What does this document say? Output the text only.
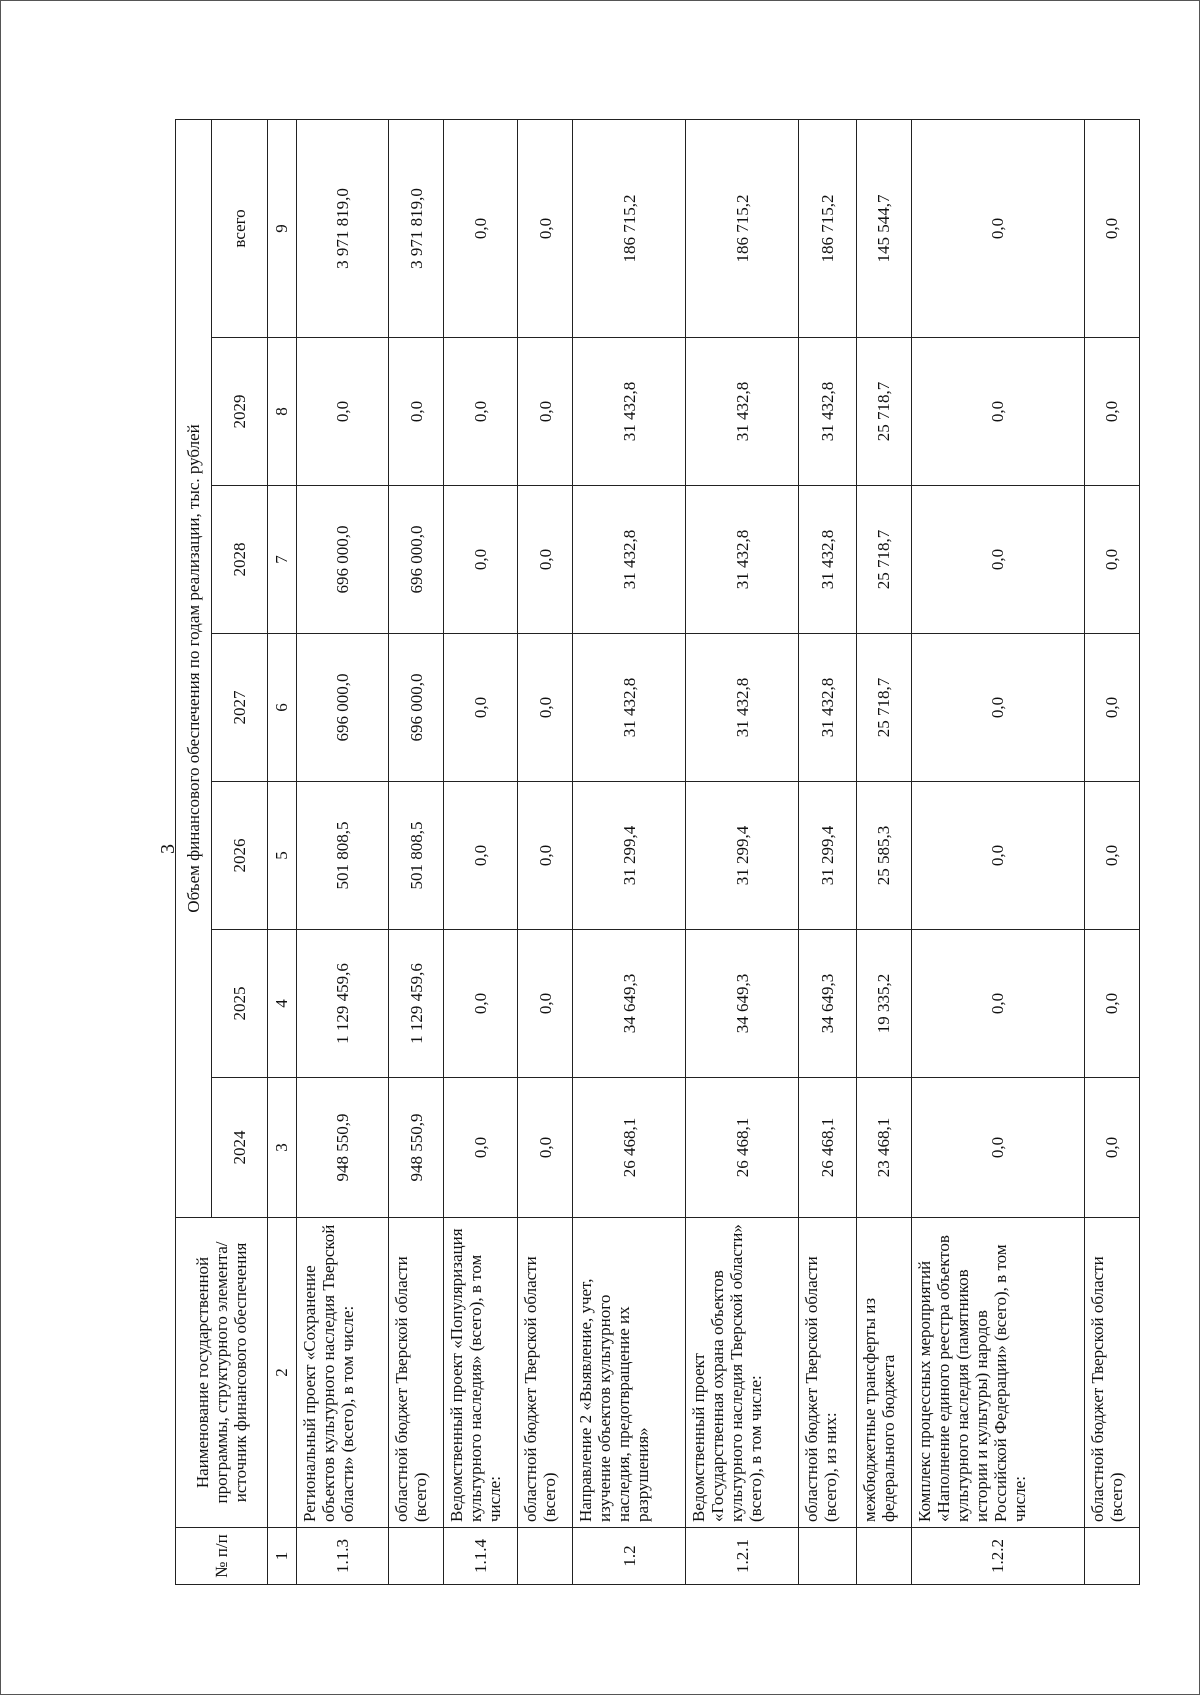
3
№ п/п	Наименование государственной программы, структурного элемента/источник финансового обеспечения	Объем финансового обеспечения по годам реализации, тыс. рублей						
		2024	2025	2026	2027	2028	2029	всего
1	2	3	4	5	6	7	8	9
1.1.3	Региональный проект «Сохранение объектов культурного наследия Тверской области» (всего), в том числе:	948 550,9	1 129 459,6	501 808,5	696 000,0	696 000,0	0,0	3 971 819,0
	областной бюджет Тверской области (всего)	948 550,9	1 129 459,6	501 808,5	696 000,0	696 000,0	0,0	3 971 819,0
1.1.4	Ведомственный проект «Популяризация культурного наследия» (всего), в том числе:	0,0	0,0	0,0	0,0	0,0	0,0	0,0
	областной бюджет Тверской области (всего)	0,0	0,0	0,0	0,0	0,0	0,0	0,0
1.2	Направление 2 «Выявление, учет, изучение объектов культурного наследия, предотвращение их разрушения»	26 468,1	34 649,3	31 299,4	31 432,8	31 432,8	31 432,8	186 715,2
1.2.1	Ведомственный проект «Государственная охрана объектов культурного наследия Тверской области» (всего), в том числе:	26 468,1	34 649,3	31 299,4	31 432,8	31 432,8	31 432,8	186 715,2
	областной бюджет Тверской области (всего), из них:	26 468,1	34 649,3	31 299,4	31 432,8	31 432,8	31 432,8	186 715,2
	межбюджетные трансферты из федерального бюджета	23 468,1	19 335,2	25 585,3	25 718,7	25 718,7	25 718,7	145 544,7
1.2.2	Комплекс процессных мероприятий «Наполнение единого реестра объектов культурного наследия (памятников истории и культуры) народов Российской Федерации» (всего), в том числе:	0,0	0,0	0,0	0,0	0,0	0,0	0,0
	областной бюджет Тверской области (всего)	0,0	0,0	0,0	0,0	0,0	0,0	0,0
